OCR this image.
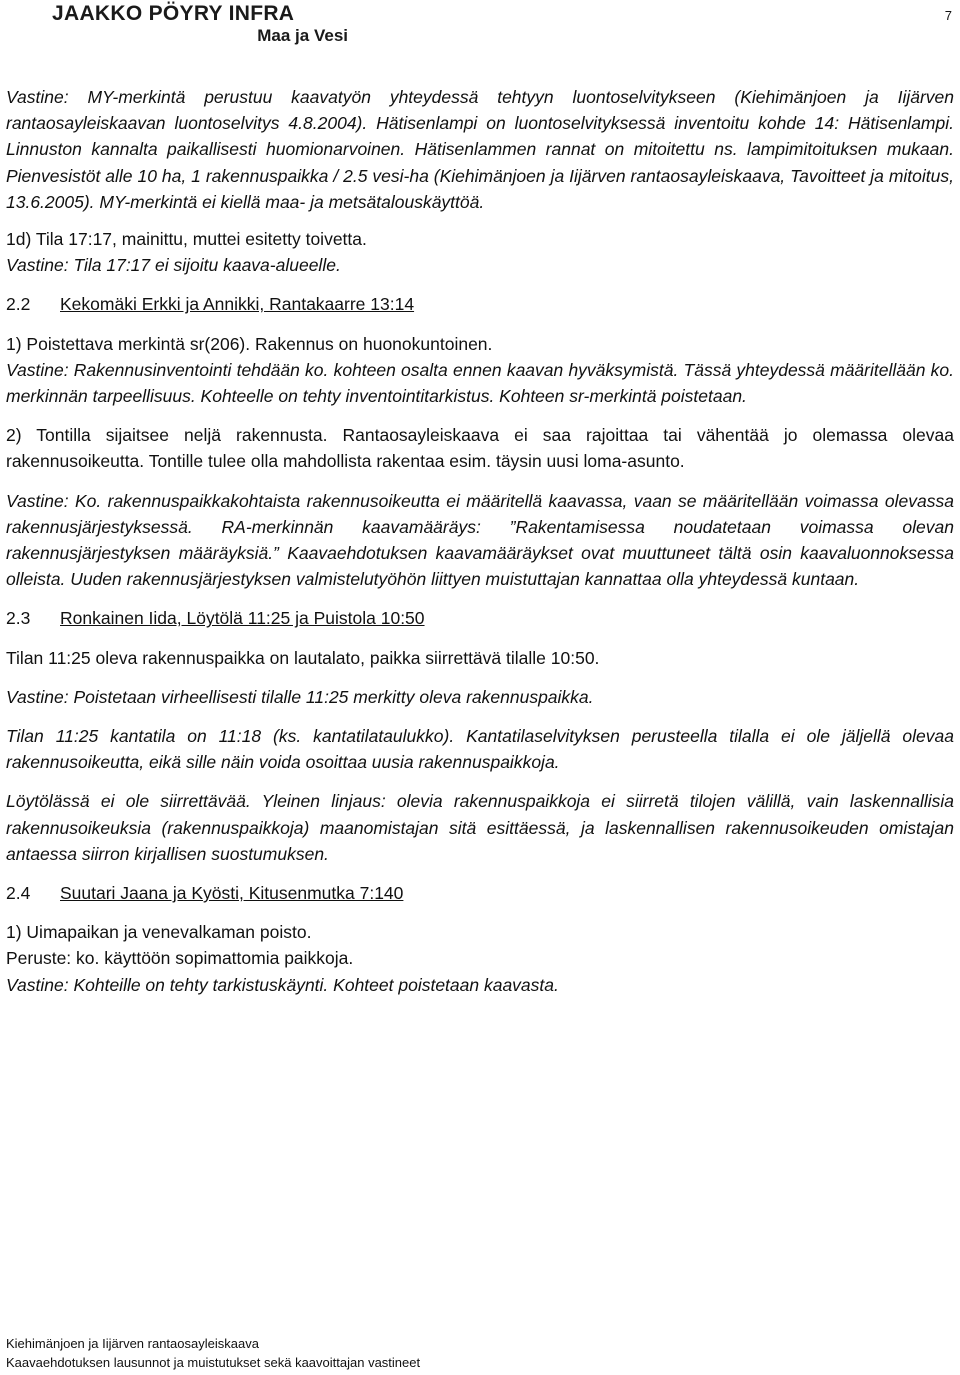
JAAKKO PÖYRY INFRA
Maa ja Vesi
7

Vastine: MY-merkintä perustuu kaavatyön yhteydessä tehtyyn luontoselvitykseen (Kiehimänjoen ja Iijärven rantaosayleiskaavan luontoselvitys 4.8.2004). Hätisenlampi on luontoselvityksessä inventoitu kohde 14: Hätisenlampi. Linnuston kannalta paikallisesti huomionarvoinen. Hätisenlammen rannat on mitoitettu ns. lampimitoituksen mukaan. Pienvesistöt alle 10 ha, 1 rakennuspaikka / 2.5 vesi-ha (Kiehimänjoen ja Iijärven rantaosayleiskaava, Tavoitteet ja mitoitus, 13.6.2005). MY-merkintä ei kiellä maa- ja metsätalouskäyttöä.

1d) Tila 17:17, mainittu, muttei esitetty toivetta.

Vastine: Tila 17:17 ei sijoitu kaava-alueelle.

2.2 Kekomäki Erkki ja Annikki, Rantakaarre 13:14

1) Poistettava merkintä sr(206). Rakennus on huonokuntoinen.

Vastine: Rakennusinventointi tehdään ko. kohteen osalta ennen kaavan hyväksymistä. Tässä yhteydessä määritellään ko. merkinnän tarpeellisuus. Kohteelle on tehty inventointitarkistus. Kohteen sr-merkintä poistetaan.

2) Tontilla sijaitsee neljä rakennusta. Rantaosayleiskaava ei saa rajoittaa tai vähentää jo olemassa olevaa rakennusoikeutta. Tontille tulee olla mahdollista rakentaa esim. täysin uusi loma-asunto.

Vastine: Ko. rakennuspaikkakohtaista rakennusoikeutta ei määritellä kaavassa, vaan se määritellään voimassa olevassa rakennusjärjestyksessä. RA-merkinnän kaavamääräys: ”Rakentamisessa noudatetaan voimassa olevan rakennusjärjestyksen määräyksiä.” Kaavaehdotuksen kaavamääräykset ovat muuttuneet tältä osin kaavaluonnoksessa olleista. Uuden rakennusjärjestyksen valmistelutyöhön liittyen muistuttajan kannattaa olla yhteydessä kuntaan.

2.3 Ronkainen Iida, Löytölä 11:25 ja Puistola 10:50

Tilan 11:25 oleva rakennuspaikka on lautalato, paikka siirrettävä tilalle 10:50.

Vastine: Poistetaan virheellisesti tilalle 11:25 merkitty oleva rakennuspaikka.

Tilan 11:25 kantatila on 11:18 (ks. kantatilataulukko). Kantatilaselvityksen perusteella tilalla ei ole jäljellä olevaa rakennusoikeutta, eikä sille näin voida osoittaa uusia rakennuspaikkoja.

Löytölässä ei ole siirrettävää. Yleinen linjaus: olevia rakennuspaikkoja ei siirretä tilojen välillä, vain laskennallisia rakennusoikeuksia (rakennuspaikkoja) maanomistajan sitä esittäessä, ja laskennallisen rakennusoikeuden omistajan antaessa siirron kirjallisen suostumuksen.

2.4 Suutari Jaana ja Kyösti, Kitusenmutka 7:140

1) Uimapaikan ja venevalkaman poisto.

Peruste: ko. käyttöön sopimattomia paikkoja.

Vastine: Kohteille on tehty tarkistuskäynti. Kohteet poistetaan kaavasta.

Kiehimänjoen ja Iijärven rantaosayleiskaava
Kaavaehdotuksen lausunnot ja muistutukset sekä kaavoittajan vastineet
